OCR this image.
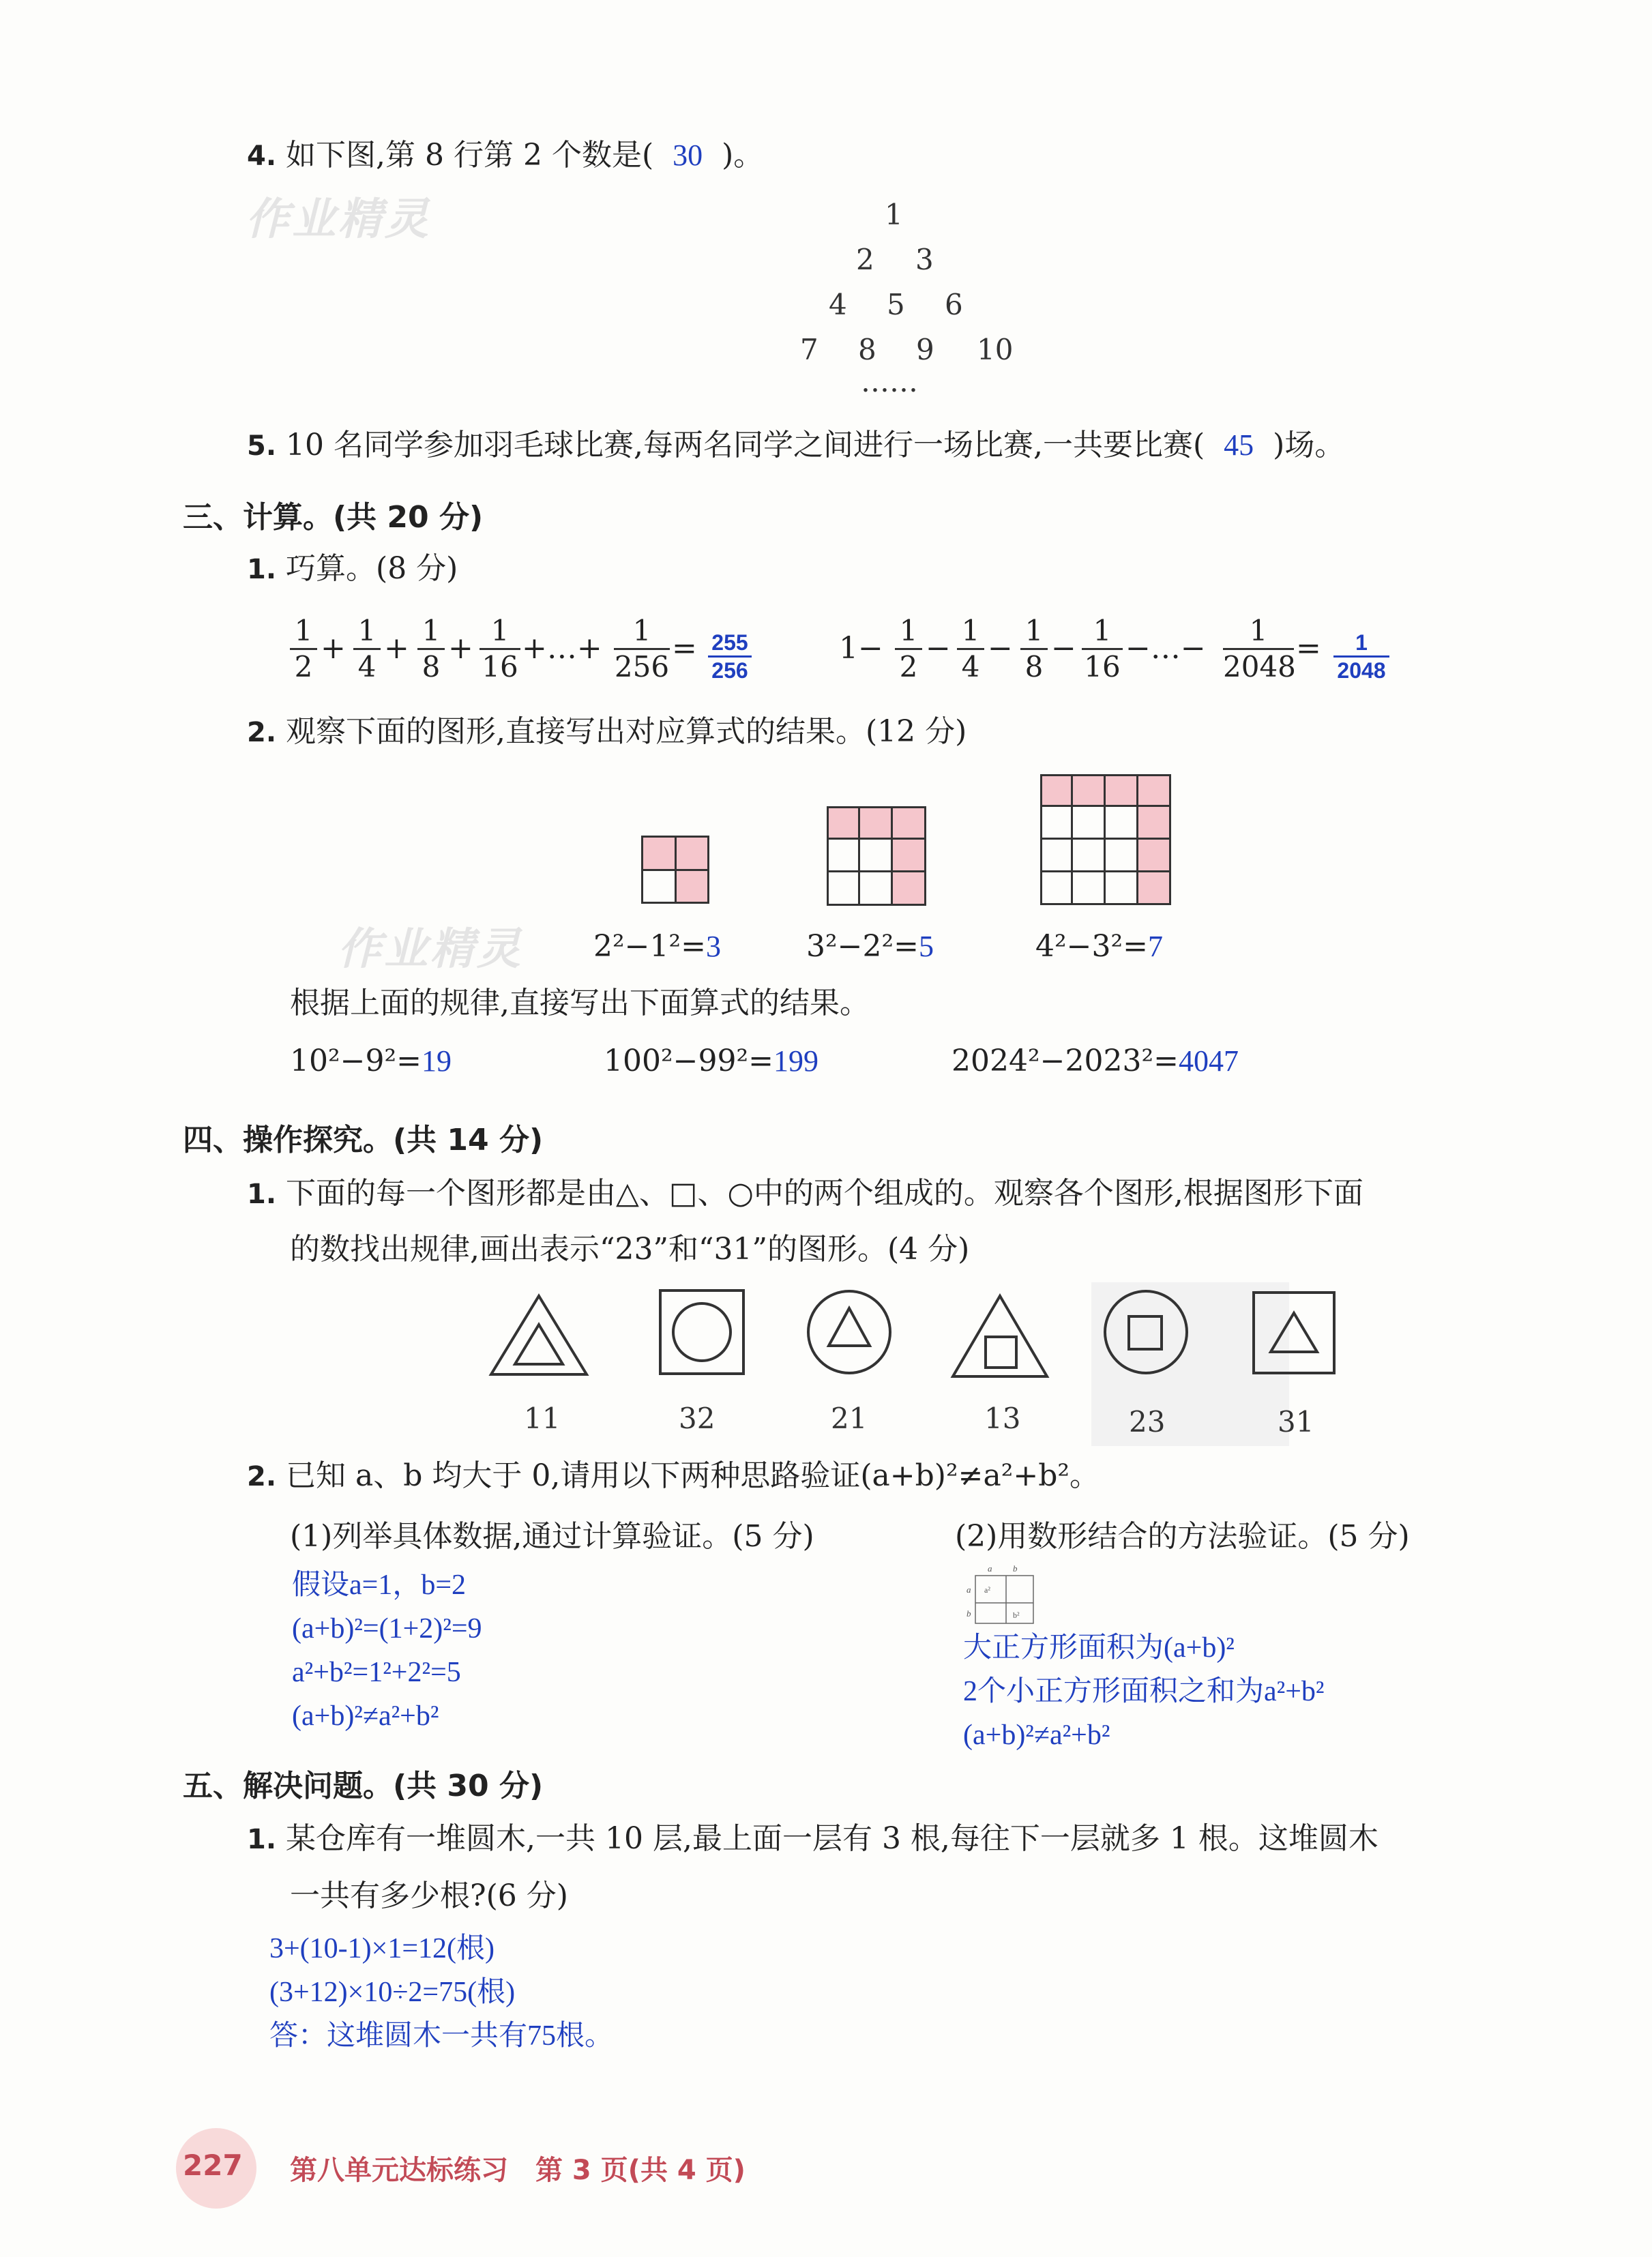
作业精灵
作业精灵
4. 如下图,第 8 行第 2 个数是( 30 )。
1
2 3
4 5 6
7 8 9 10
……
5. 10 名同学参加羽毛球比赛,每两名同学之间进行一场比赛,一共要比赛( 45 )场。
三、计算。(共 20 分)
1. 巧算。(8 分)
1
2
+
1
4
+
1
8
+
1
16
+…+
1
256
= 255
256
1−
1
2
−
1
4
−
1
8
−
1
16
−…−
1
2048
=	1
2048
2. 观察下面的图形,直接写出对应算式的结果。(12 分)
2²−1²=3	3²−2²=5	4²−3²=7
根据上面的规律,直接写出下面算式的结果。
10²−9²=19	100²−99²=199	2024²−2023²=4047
四、操作探究。(共 14 分)
1. 下面的每一个图形都是由△、□、○中的两个组成的。观察各个图形,根据图形下面
的数找出规律,画出表示“23”和“31”的图形。(4 分)
11	32	21	13	23	31
2. 已知 a、b 均大于 0,请用以下两种思路验证(a+b)²≠a²+b²。
(1)列举具体数据,通过计算验证。(5 分)	(2)用数形结合的方法验证。(5 分)
假设a=1，b=2
(a+b)²=(1+2)²=9
a²+b²=1²+2²=5
(a+b)²≠a²+b²
a b
a
b
a²
b²
大正方形面积为(a+b)²
2个小正方形面积之和为a²+b²
(a+b)²≠a²+b²
五、解决问题。(共 30 分)
1. 某仓库有一堆圆木,一共 10 层,最上面一层有 3 根,每往下一层就多 1 根。这堆圆木
一共有多少根?(6 分)
3+(10-1)×1=12(根)
(3+12)×10÷2=75(根)
答：这堆圆木一共有75根。
227 第八单元达标练习　第 3 页(共 4 页)
